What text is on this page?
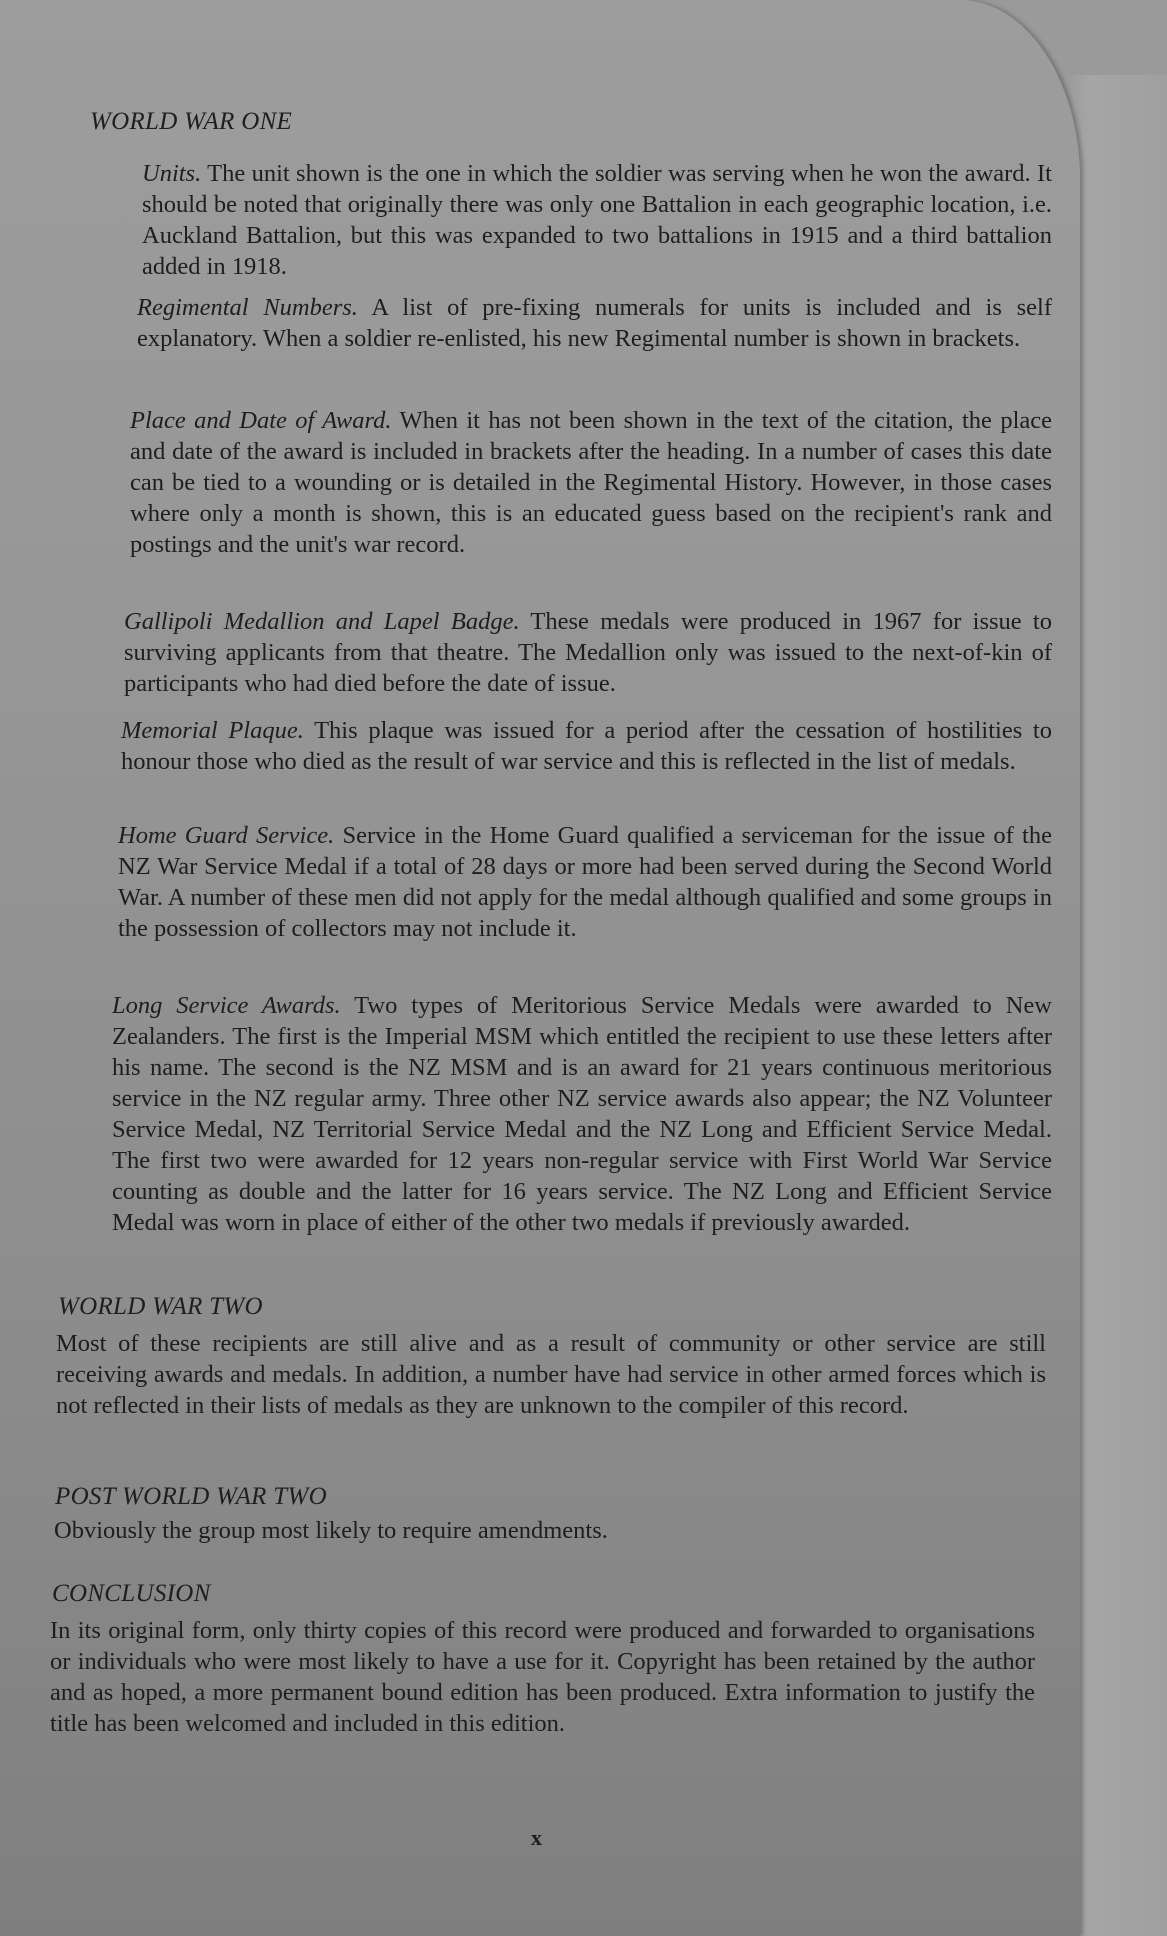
WORLD WAR ONE

Units. The unit shown is the one in which the soldier was serving when he won the award. It should be noted that originally there was only one Battalion in each geographic location, i.e. Auckland Battalion, but this was expanded to two battalions in 1915 and a third battalion added in 1918.

Regimental Numbers. A list of pre-fixing numerals for units is included and is self explanatory. When a soldier re-enlisted, his new Regimental number is shown in brackets.

Place and Date of Award. When it has not been shown in the text of the citation, the place and date of the award is included in brackets after the heading. In a number of cases this date can be tied to a wounding or is detailed in the Regimental History. However, in those cases where only a month is shown, this is an educated guess based on the recipient's rank and postings and the unit's war record.

Gallipoli Medallion and Lapel Badge. These medals were produced in 1967 for issue to surviving applicants from that theatre. The Medallion only was issued to the next-of-kin of participants who had died before the date of issue.

Memorial Plaque. This plaque was issued for a period after the cessation of hostilities to honour those who died as the result of war service and this is reflected in the list of medals.

Home Guard Service. Service in the Home Guard qualified a serviceman for the issue of the NZ War Service Medal if a total of 28 days or more had been served during the Second World War. A number of these men did not apply for the medal although qualified and some groups in the possession of collectors may not include it.

Long Service Awards. Two types of Meritorious Service Medals were awarded to New Zealanders. The first is the Imperial MSM which entitled the recipient to use these letters after his name. The second is the NZ MSM and is an award for 21 years continuous meritorious service in the NZ regular army. Three other NZ service awards also appear; the NZ Volunteer Service Medal, NZ Territorial Service Medal and the NZ Long and Efficient Service Medal. The first two were awarded for 12 years non-regular service with First World War Service counting as double and the latter for 16 years service. The NZ Long and Efficient Service Medal was worn in place of either of the other two medals if previously awarded.

WORLD WAR TWO

Most of these recipients are still alive and as a result of community or other service are still receiving awards and medals. In addition, a number have had service in other armed forces which is not reflected in their lists of medals as they are unknown to the compiler of this record.

POST WORLD WAR TWO

Obviously the group most likely to require amendments.

CONCLUSION

In its original form, only thirty copies of this record were produced and forwarded to organisations or individuals who were most likely to have a use for it. Copyright has been retained by the author and as hoped, a more permanent bound edition has been produced. Extra information to justify the title has been welcomed and included in this edition.

x
